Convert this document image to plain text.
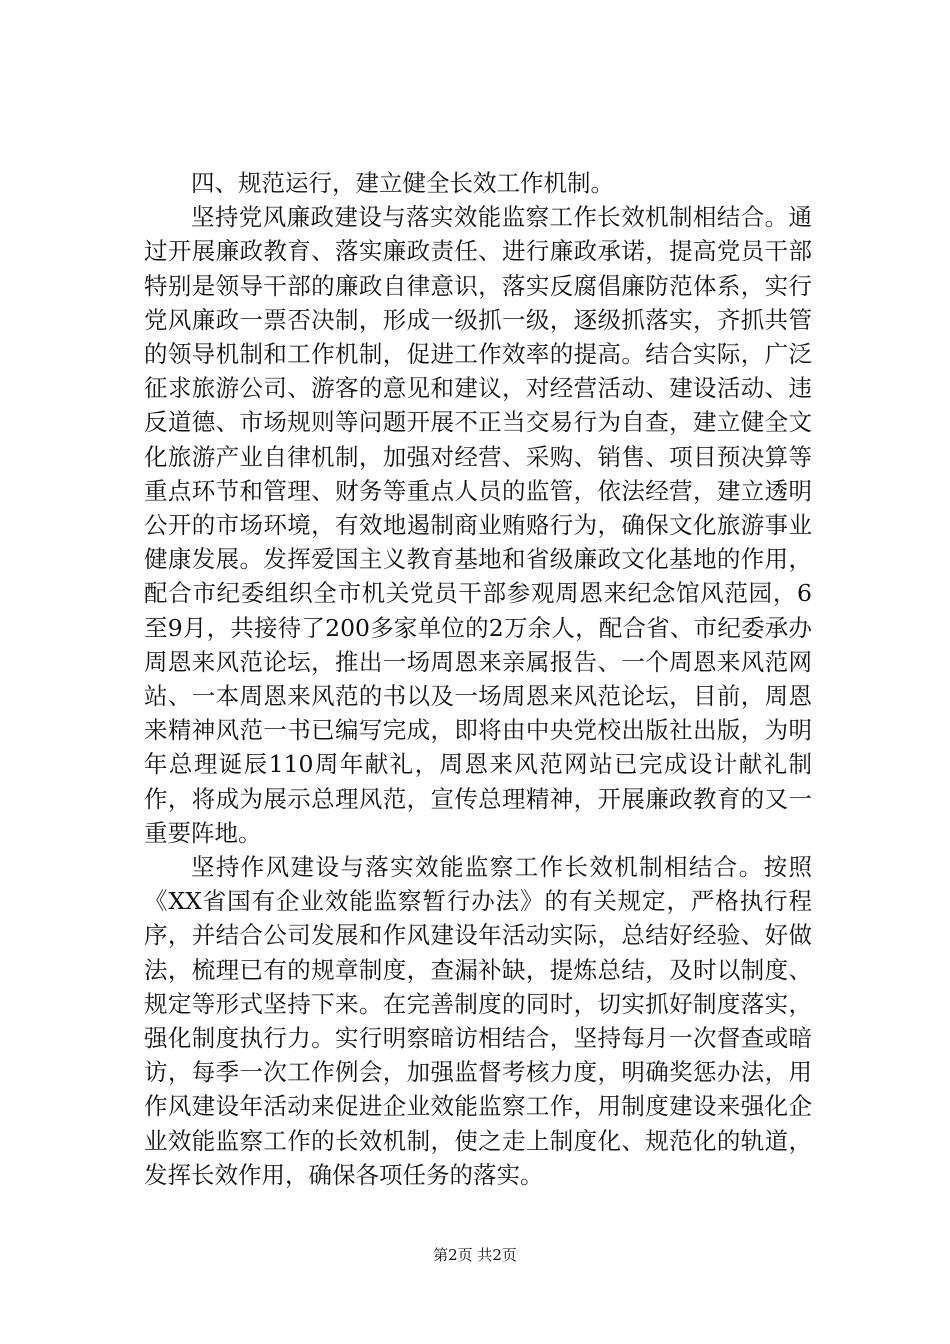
四、规范运行，建立健全长效工作机制。

坚持党风廉政建设与落实效能监察工作长效机制相结合。通过开展廉政教育、落实廉政责任、进行廉政承诺，提高党员干部特别是领导干部的廉政自律意识，落实反腐倡廉防范体系，实行党风廉政一票否决制，形成一级抓一级，逐级抓落实，齐抓共管的领导机制和工作机制，促进工作效率的提高。结合实际，广泛征求旅游公司、游客的意见和建议，对经营活动、建设活动、违反道德、市场规则等问题开展不正当交易行为自查，建立健全文化旅游产业自律机制，加强对经营、采购、销售、项目预决算等重点环节和管理、财务等重点人员的监管，依法经营，建立透明公开的市场环境，有效地遏制商业贿赂行为，确保文化旅游事业健康发展。发挥爱国主义教育基地和省级廉政文化基地的作用，配合市纪委组织全市机关党员干部参观周恩来纪念馆风范园，6至9月，共接待了200多家单位的2万余人，配合省、市纪委承办周恩来风范论坛，推出一场周恩来亲属报告、一个周恩来风范网站、一本周恩来风范的书以及一场周恩来风范论坛，目前，周恩来精神风范一书已编写完成，即将由中央党校出版社出版，为明年总理诞辰110周年献礼，周恩来风范网站已完成设计献礼制作，将成为展示总理风范，宣传总理精神，开展廉政教育的又一重要阵地。

坚持作风建设与落实效能监察工作长效机制相结合。按照《XX省国有企业效能监察暂行办法》的有关规定，严格执行程序，并结合公司发展和作风建设年活动实际，总结好经验、好做法，梳理已有的规章制度，查漏补缺，提炼总结，及时以制度、规定等形式坚持下来。在完善制度的同时，切实抓好制度落实，强化制度执行力。实行明察暗访相结合，坚持每月一次督查或暗访，每季一次工作例会，加强监督考核力度，明确奖惩办法，用作风建设年活动来促进企业效能监察工作，用制度建设来强化企业效能监察工作的长效机制，使之走上制度化、规范化的轨道，发挥长效作用，确保各项任务的落实。

第2页 共2页
